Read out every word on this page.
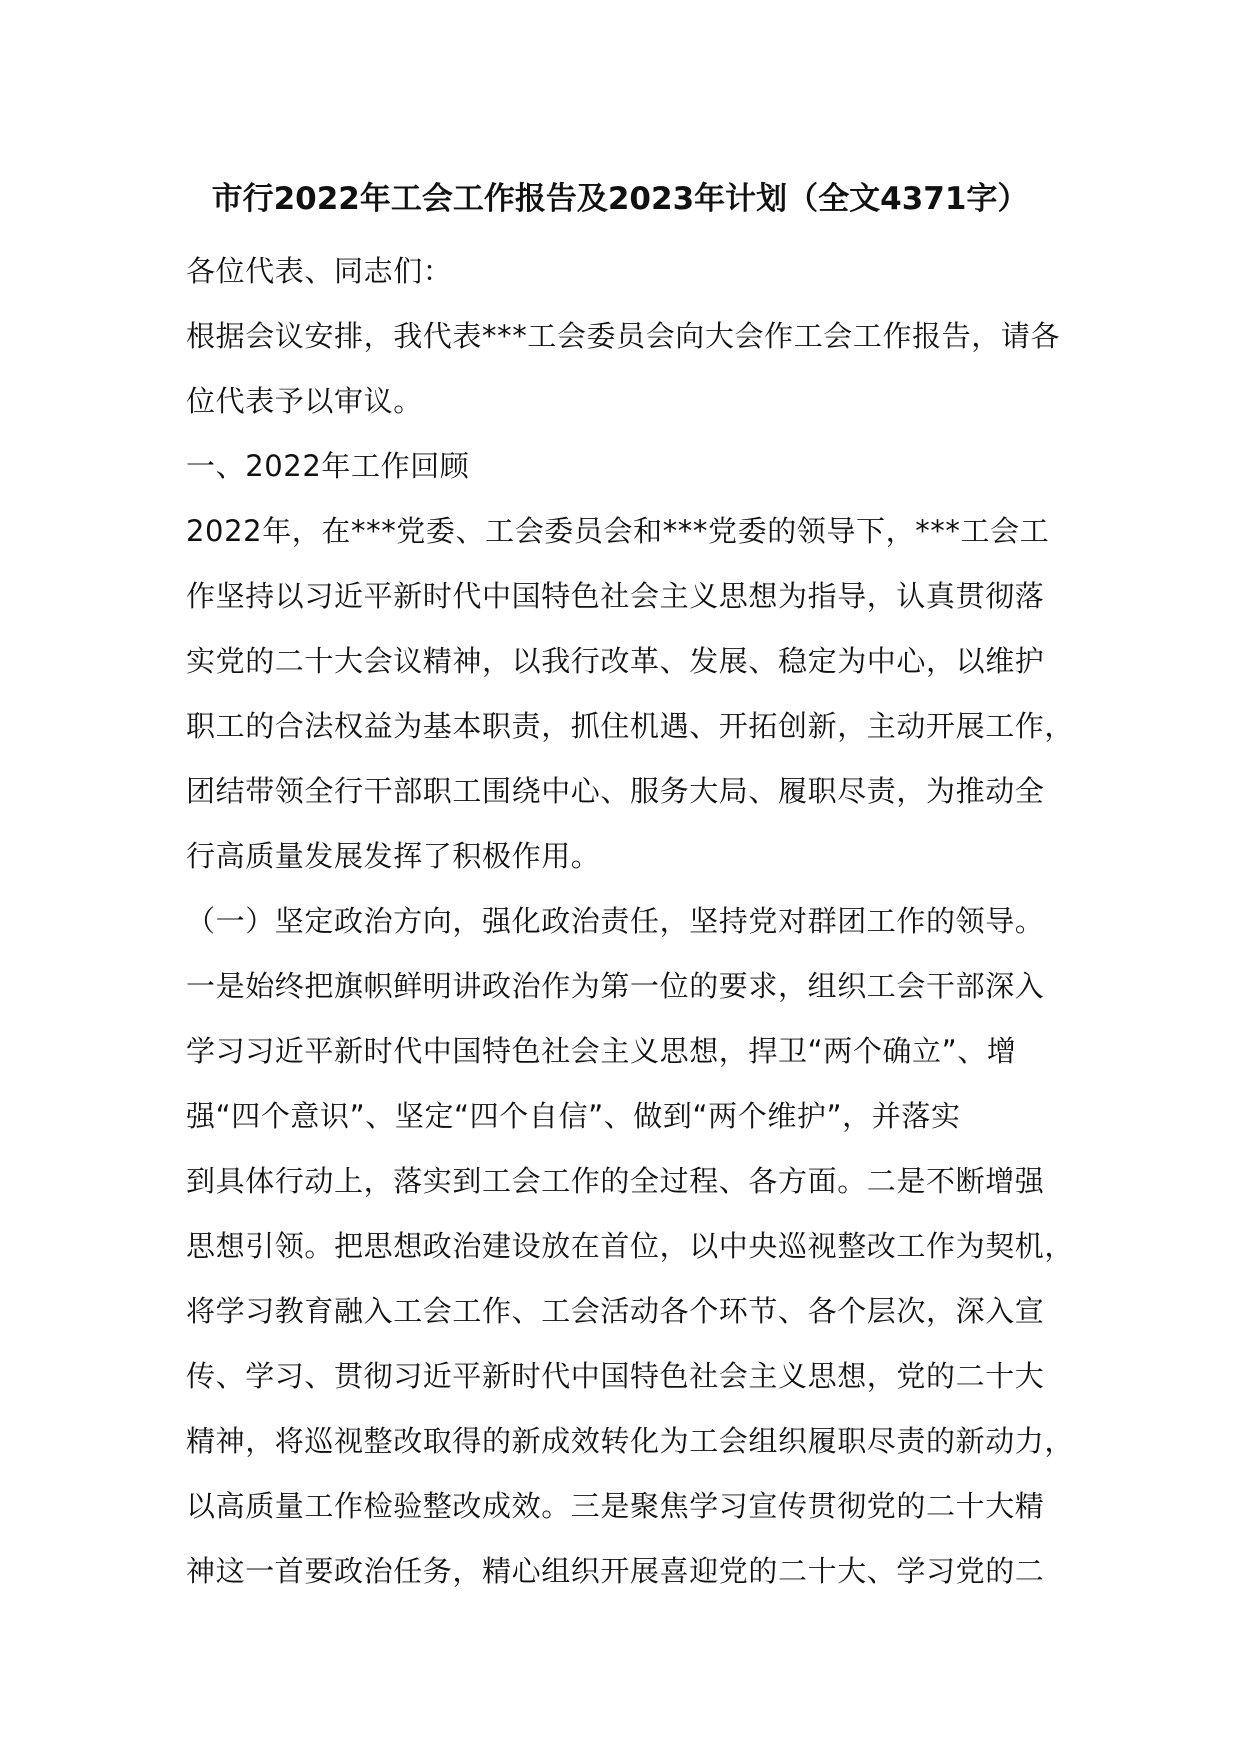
市行2022年工会工作报告及2023年计划（全文4371字）
各位代表、同志们：
根据会议安排，我代表***工会委员会向大会作工会工作报告，请各
位代表予以审议。
一、2022年工作回顾
2022年，在***党委、工会委员会和***党委的领导下，***工会工
作坚持以习近平新时代中国特色社会主义思想为指导，认真贯彻落
实党的二十大会议精神，以我行改革、发展、稳定为中心，以维护
职工的合法权益为基本职责，抓住机遇、开拓创新，主动开展工作，
团结带领全行干部职工围绕中心、服务大局、履职尽责，为推动全
行高质量发展发挥了积极作用。
（一）坚定政治方向，强化政治责任，坚持党对群团工作的领导。
一是始终把旗帜鲜明讲政治作为第一位的要求，组织工会干部深入
学习习近平新时代中国特色社会主义思想，捍卫“两个确立”、增
强“四个意识”、坚定“四个自信”、做到“两个维护”，并落实
到具体行动上，落实到工会工作的全过程、各方面。二是不断增强
思想引领。把思想政治建设放在首位，以中央巡视整改工作为契机，
将学习教育融入工会工作、工会活动各个环节、各个层次，深入宣
传、学习、贯彻习近平新时代中国特色社会主义思想，党的二十大
精神，将巡视整改取得的新成效转化为工会组织履职尽责的新动力，
以高质量工作检验整改成效。三是聚焦学习宣传贯彻党的二十大精
神这一首要政治任务，精心组织开展喜迎党的二十大、学习党的二
